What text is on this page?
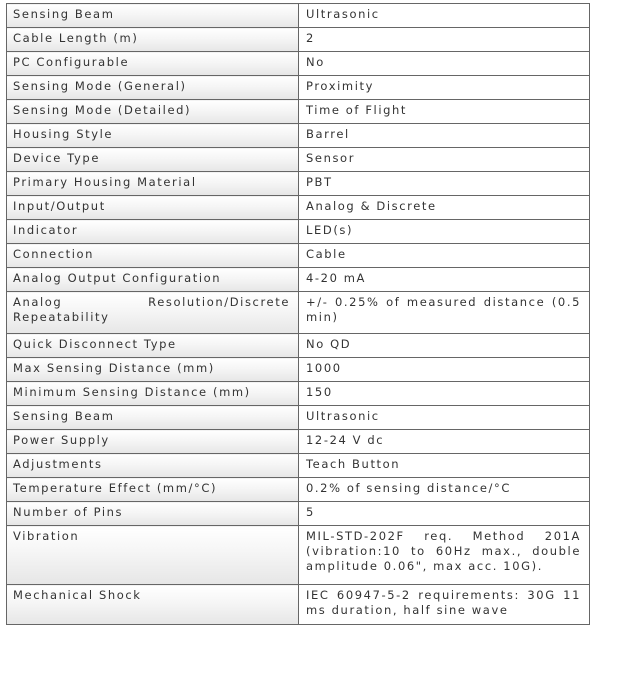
Sensing Beam	Ultrasonic
Cable Length (m)	2
PC Configurable	No
Sensing Mode (General)	Proximity
Sensing Mode (Detailed)	Time of Flight
Housing Style	Barrel
Device Type	Sensor
Primary Housing Material	PBT
Input/Output	Analog & Discrete
Indicator	LED(s)
Connection	Cable
Analog Output Configuration	4-20 mA
Analog Resolution/Discrete Repeatability	+/- 0.25% of measured distance (0.5 min)
Quick Disconnect Type	No QD
Max Sensing Distance (mm)	1000
Minimum Sensing Distance (mm)	150
Sensing Beam	Ultrasonic
Power Supply	12-24 V dc
Adjustments	Teach Button
Temperature Effect (mm/°C)	0.2% of sensing distance/°C
Number of Pins	5
Vibration	MIL-STD-202F req. Method 201A (vibration:10 to 60Hz max., double amplitude 0.06", max acc. 10G).
Mechanical Shock	IEC 60947-5-2 requirements: 30G 11 ms duration, half sine wave
